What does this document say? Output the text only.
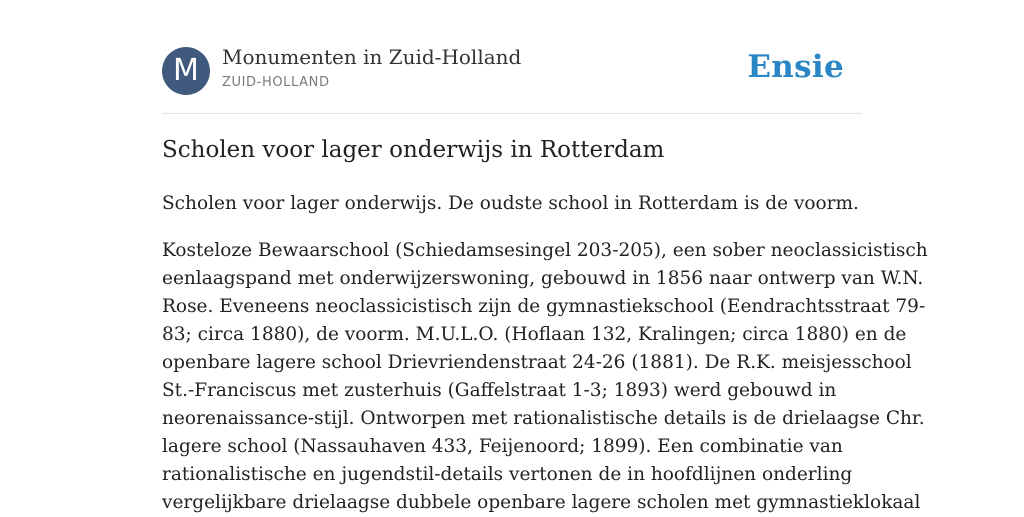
M	Monumenten in Zuid-Holland
ZUID-HOLLAND	Ensie
Scholen voor lager onderwijs in Rotterdam

Scholen voor lager onderwijs. De oudste school in Rotterdam is de voorm.

Kosteloze Bewaarschool (Schiedamsesingel 203-205), een sober neoclassicistisch
eenlaagspand met onderwijzerswoning, gebouwd in 1856 naar ontwerp van W.N.
Rose. Eveneens neoclassicistisch zijn de gymnastiekschool (Eendrachtsstraat 79-
83; circa 1880), de voorm. M.U.L.O. (Hoflaan 132, Kralingen; circa 1880) en de
openbare lagere school Drievriendenstraat 24-26 (1881). De R.K. meisjesschool
St.-Franciscus met zusterhuis (Gaffelstraat 1-3; 1893) werd gebouwd in
neorenaissance-stijl. Ontworpen met rationalistische details is de drielaagse Chr.
lagere school (Nassauhaven 433, Feijenoord; 1899). Een combinatie van
rationalistische en jugendstil-details vertonen de in hoofdlijnen onderling
vergelijkbare drielaagse dubbele openbare lagere scholen met gymnastieklokaal
